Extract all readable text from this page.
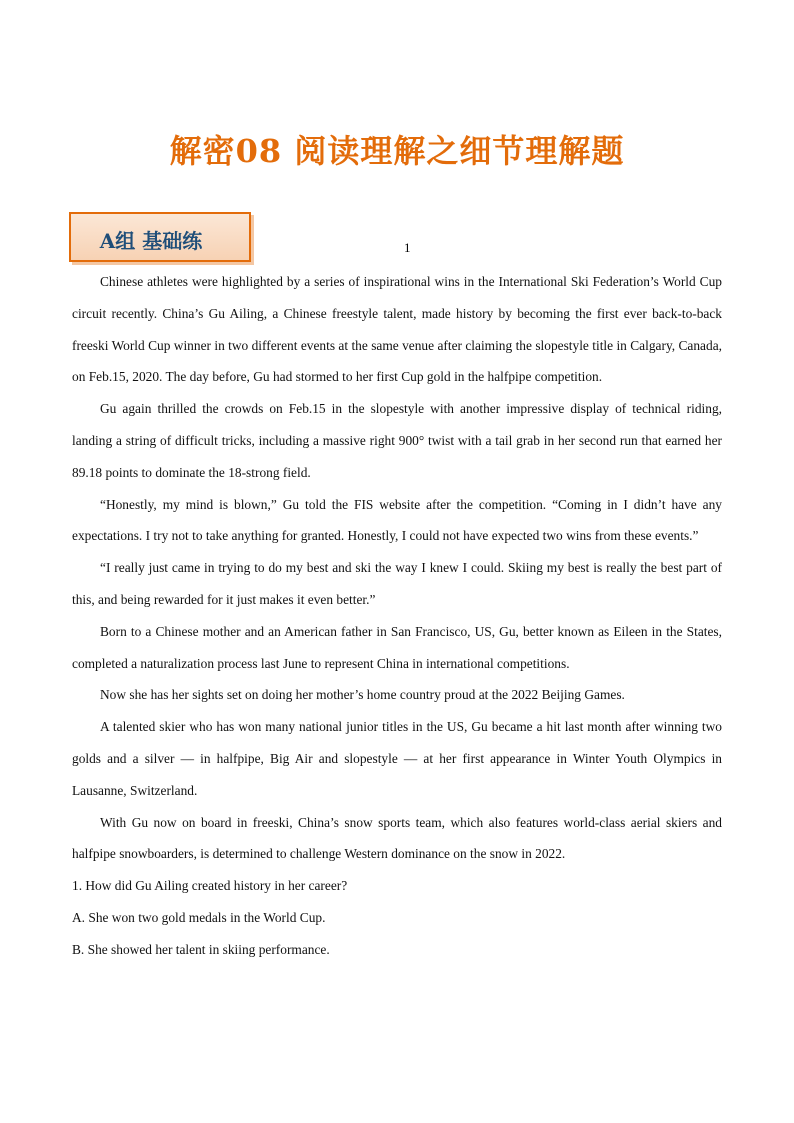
解密08 阅读理解之细节理解题
A组 基础练	1

Chinese athletes were highlighted by a series of inspirational wins in the International Ski Federation’s World Cup circuit recently. China’s Gu Ailing, a Chinese freestyle talent, made history by becoming the first ever back-to-back freeski World Cup winner in two different events at the same venue after claiming the slopestyle title in Calgary, Canada, on Feb.15, 2020. The day before, Gu had stormed to her first Cup gold in the halfpipe competition.

Gu again thrilled the crowds on Feb.15 in the slopestyle with another impressive display of technical riding, landing a string of difficult tricks, including a massive right 900° twist with a tail grab in her second run that earned her 89.18 points to dominate the 18-strong field.

“Honestly, my mind is blown,” Gu told the FIS website after the competition. “Coming in I didn’t have any expectations. I try not to take anything for granted. Honestly, I could not have expected two wins from these events.”

“I really just came in trying to do my best and ski the way I knew I could. Skiing my best is really the best part of this, and being rewarded for it just makes it even better.”

Born to a Chinese mother and an American father in San Francisco, US, Gu, better known as Eileen in the States, completed a naturalization process last June to represent China in international competitions.

Now she has her sights set on doing her mother’s home country proud at the 2022 Beijing Games.

A talented skier who has won many national junior titles in the US, Gu became a hit last month after winning two golds and a silver — in halfpipe, Big Air and slopestyle — at her first appearance in Winter Youth Olympics in Lausanne, Switzerland.

With Gu now on board in freeski, China’s snow sports team, which also features world-class aerial skiers and halfpipe snowboarders, is determined to challenge Western dominance on the snow in 2022.

1. How did Gu Ailing created history in her career?

A. She won two gold medals in the World Cup.

B. She showed her talent in skiing performance.
